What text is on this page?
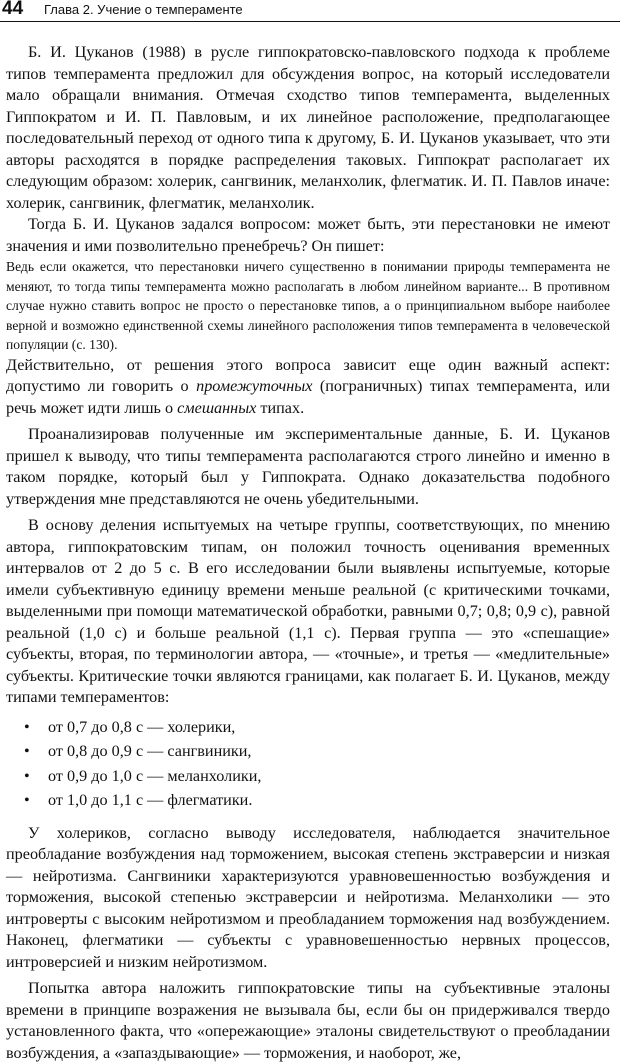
44 Глава 2. Учение о темпераменте

Б. И. Цуканов (1988) в русле гиппократовско-павловского подхода к проблеме типов темперамента предложил для обсуждения вопрос, на который исследователи мало обращали внимания. Отмечая сходство типов темперамента, выделенных Гиппократом и И. П. Павловым, и их линейное расположение, предполагающее последовательный переход от одного типа к другому, Б. И. Цуканов указывает, что эти авторы расходятся в порядке распределения таковых. Гиппократ располагает их следующим образом: холерик, сангвиник, меланхолик, флегматик. И. П. Павлов иначе: холерик, сангвиник, флегматик, меланхолик.

Тогда Б. И. Цуканов задался вопросом: может быть, эти перестановки не имеют значения и ими позволительно пренебречь? Он пишет:

Ведь если окажется, что перестановки ничего существенно в понимании природы темперамента не меняют, то тогда типы темперамента можно располагать в любом линейном варианте... В противном случае нужно ставить вопрос не просто о перестановке типов, а о принципиальном выборе наиболее верной и возможно единственной схемы линейного расположения типов темперамента в человеческой популяции (с. 130).

Действительно, от решения этого вопроса зависит еще один важный аспект: допустимо ли говорить о промежуточных (пограничных) типах темперамента, или речь может идти лишь о смешанных типах.

Проанализировав полученные им экспериментальные данные, Б. И. Цуканов пришел к выводу, что типы темперамента располагаются строго линейно и именно в таком порядке, который был у Гиппократа. Однако доказательства подобного утверждения мне представляются не очень убедительными.

В основу деления испытуемых на четыре группы, соответствующих, по мнению автора, гиппократовским типам, он положил точность оценивания временных интервалов от 2 до 5 с. В его исследовании были выявлены испытуемые, которые имели субъективную единицу времени меньше реальной (с критическими точками, выделенными при помощи математической обработки, равными 0,7; 0,8; 0,9 с), равной реальной (1,0 с) и больше реальной (1,1 с). Первая группа — это «спешащие» субъекты, вторая, по терминологии автора, — «точные», и третья — «медлительные» субъекты. Критические точки являются границами, как полагает Б. И. Цуканов, между типами темпераментов:

• от 0,7 до 0,8 с — холерики,
• от 0,8 до 0,9 с — сангвиники,
• от 0,9 до 1,0 с — меланхолики,
• от 1,0 до 1,1 с — флегматики.

У холериков, согласно выводу исследователя, наблюдается значительное преобладание возбуждения над торможением, высокая степень экстраверсии и низкая — нейротизма. Сангвиники характеризуются уравновешенностью возбуждения и торможения, высокой степенью экстраверсии и нейротизма. Меланхолики — это интроверты с высоким нейротизмом и преобладанием торможения над возбуждением. Наконец, флегматики — субъекты с уравновешенностью нервных процессов, интроверсией и низким нейротизмом.

Попытка автора наложить гиппократовские типы на субъективные эталоны времени в принципе возражения не вызывала бы, если бы он придерживался твердо установленного факта, что «опережающие» эталоны свидетельствуют о преобладании возбуждения, а «запаздывающие» — торможения, и наоборот, же,
